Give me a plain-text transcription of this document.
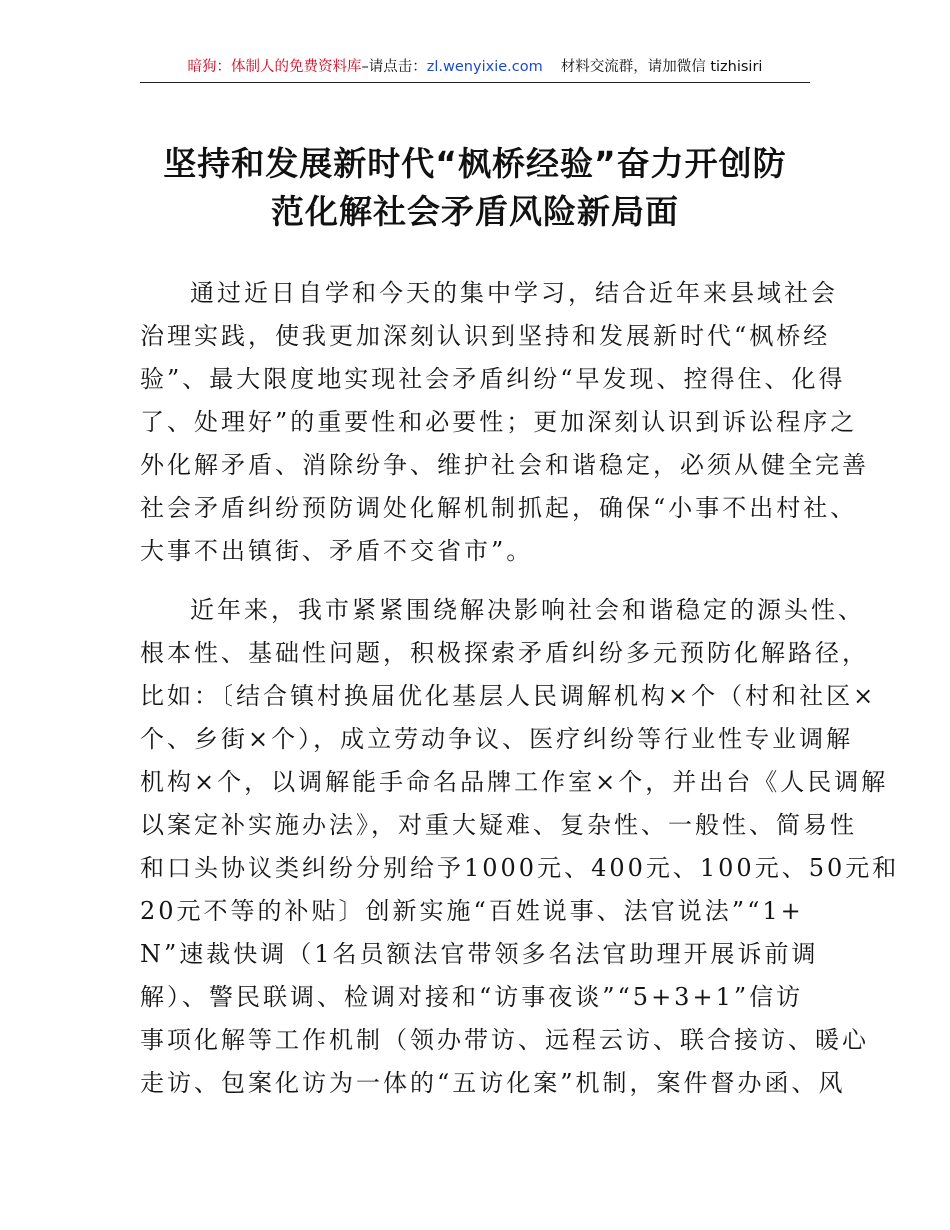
暗狗：体制人的免费资料库–请点击：zl.wenyixie.com 材料交流群，请加微信 tizhisiri
坚持和发展新时代“枫桥经验”奋力开创防
范化解社会矛盾风险新局面

通过近日自学和今天的集中学习，结合近年来县域社会
治理实践，使我更加深刻认识到坚持和发展新时代“枫桥经
验”、最大限度地实现社会矛盾纠纷“早发现、控得住、化得
了、处理好”的重要性和必要性；更加深刻认识到诉讼程序之
外化解矛盾、消除纷争、维护社会和谐稳定，必须从健全完善
社会矛盾纠纷预防调处化解机制抓起，确保“小事不出村社、
大事不出镇街、矛盾不交省市”。

近年来，我市紧紧围绕解决影响社会和谐稳定的源头性、
根本性、基础性问题，积极探索矛盾纠纷多元预防化解路径，
比如：〔结合镇村换届优化基层人民调解机构×个（村和社区×
个、乡街×个），成立劳动争议、医疗纠纷等行业性专业调解
机构×个，以调解能手命名品牌工作室×个，并出台《人民调解
以案定补实施办法》，对重大疑难、复杂性、一般性、简易性
和口头协议类纠纷分别给予1000元、400元、100元、50元和
20元不等的补贴〕创新实施“百姓说事、法官说法”“1+
N”速裁快调（1名员额法官带领多名法官助理开展诉前调
解）、警民联调、检调对接和“访事夜谈”“5+3+1”信访
事项化解等工作机制（领办带访、远程云访、联合接访、暖心
走访、包案化访为一体的“五访化案”机制，案件督办函、风
